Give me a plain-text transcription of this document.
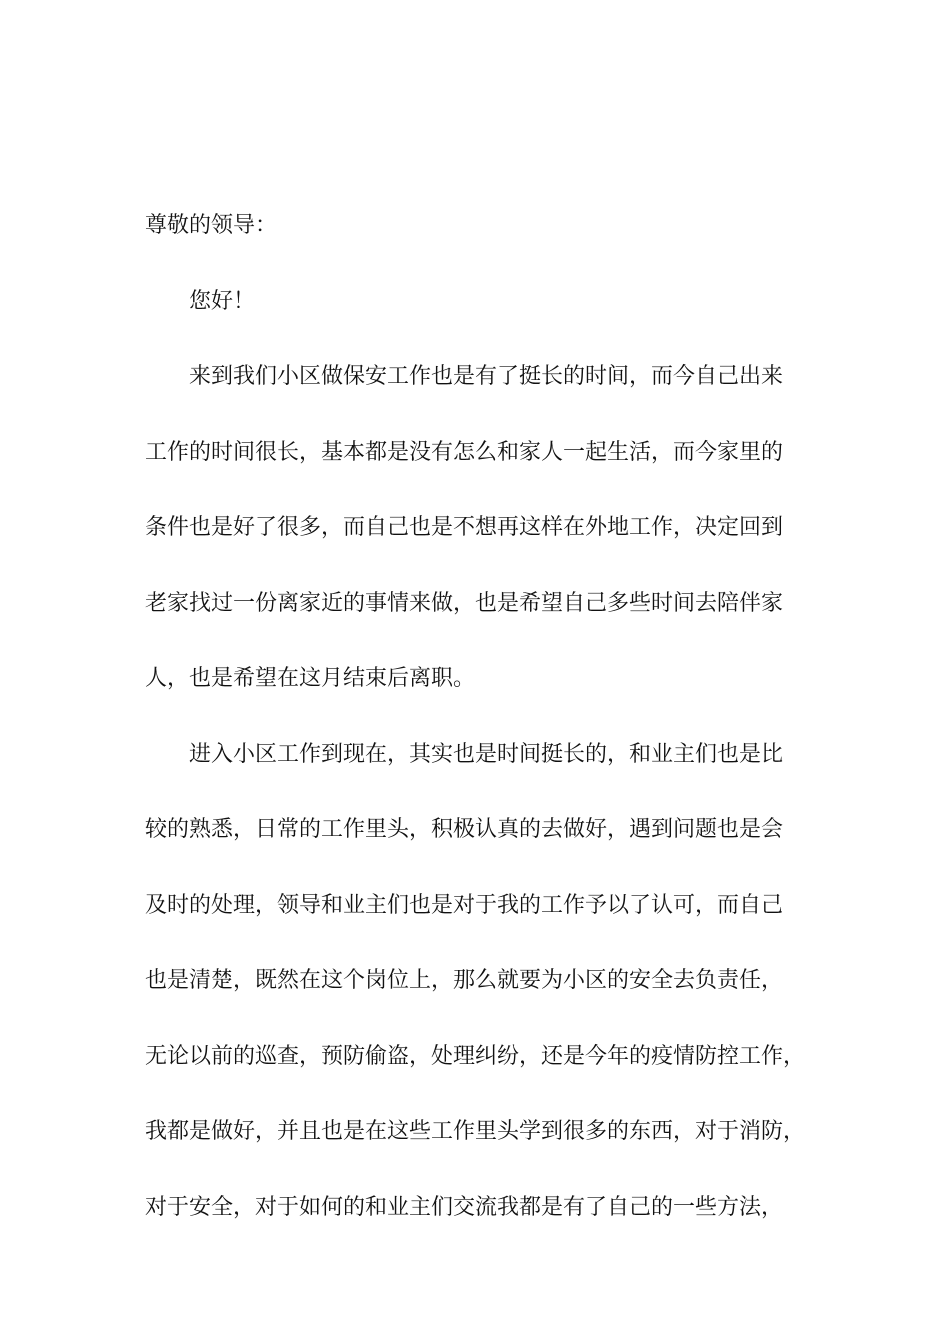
尊敬的领导：
您好！
来到我们小区做保安工作也是有了挺长的时间，而今自己出来
工作的时间很长，基本都是没有怎么和家人一起生活，而今家里的
条件也是好了很多，而自己也是不想再这样在外地工作，决定回到
老家找过一份离家近的事情来做，也是希望自己多些时间去陪伴家
人，也是希望在这月结束后离职。
进入小区工作到现在，其实也是时间挺长的，和业主们也是比
较的熟悉，日常的工作里头，积极认真的去做好，遇到问题也是会
及时的处理，领导和业主们也是对于我的工作予以了认可，而自己
也是清楚，既然在这个岗位上，那么就要为小区的安全去负责任，
无论以前的巡查，预防偷盗，处理纠纷，还是今年的疫情防控工作，
我都是做好，并且也是在这些工作里头学到很多的东西，对于消防，
对于安全，对于如何的和业主们交流我都是有了自己的一些方法，
